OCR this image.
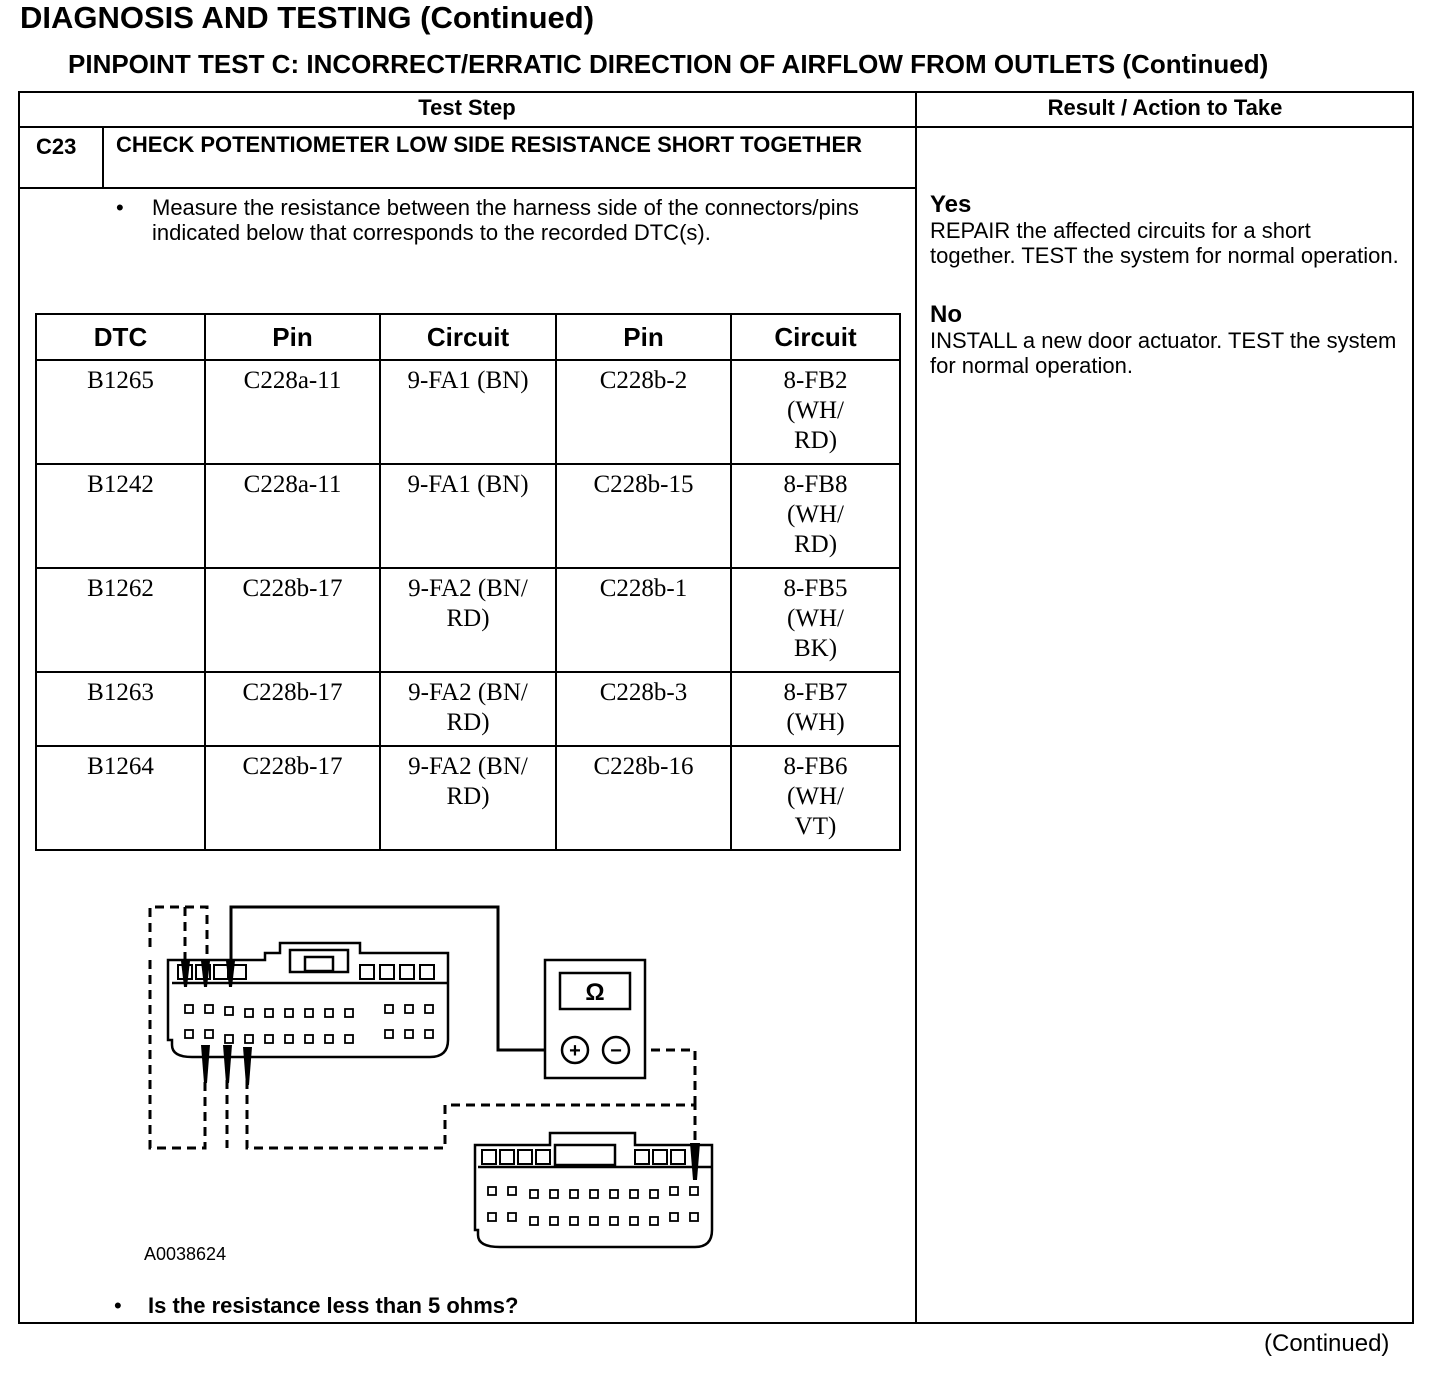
DIAGNOSIS AND TESTING (Continued)
PINPOINT TEST C: INCORRECT/ERRATIC DIRECTION OF AIRFLOW FROM OUTLETS (Continued)
Test Step	Result / Action to Take
C23 CHECK POTENTIOMETER LOW SIDE RESISTANCE SHORT TOGETHER
• Measure the resistance between the harness side of the connectors/pins indicated below that corresponds to the recorded DTC(s).
DTC	Pin	Circuit	Pin	Circuit
B1265	C228a-11	9-FA1 (BN)	C228b-2	8-FB2 (WH/ RD)
B1242	C228a-11	9-FA1 (BN)	C228b-15	8-FB8 (WH/ RD)
B1262	C228b-17	9-FA2 (BN/ RD)	C228b-1	8-FB5 (WH/ BK)
B1263	C228b-17	9-FA2 (BN/ RD)	C228b-3	8-FB7 (WH)
B1264	C228b-17	9-FA2 (BN/ RD)	C228b-16	8-FB6 (WH/ VT)
Ω
+ −
A0038624
• Is the resistance less than 5 ohms?
Yes
REPAIR the affected circuits for a short together. TEST the system for normal operation.
No
INSTALL a new door actuator. TEST the system for normal operation.
(Continued)
